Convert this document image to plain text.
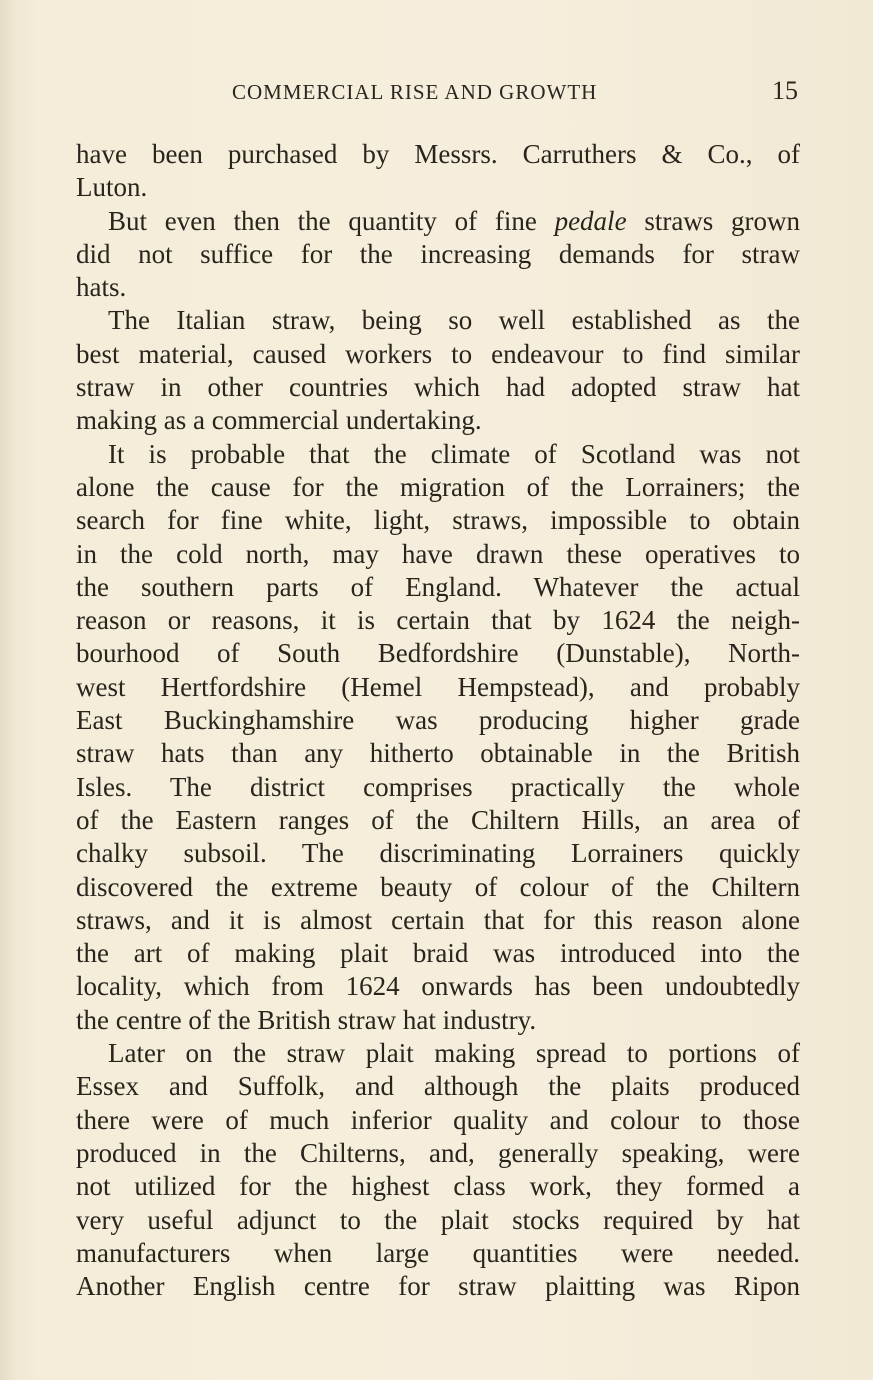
COMMERCIAL RISE AND GROWTH	15
have been purchased by Messrs. Carruthers & Co., of
Luton.
But even then the quantity of fine pedale straws grown
did not suffice for the increasing demands for straw
hats.
The Italian straw, being so well established as the
best material, caused workers to endeavour to find similar
straw in other countries which had adopted straw hat
making as a commercial undertaking.
It is probable that the climate of Scotland was not
alone the cause for the migration of the Lorrainers; the
search for fine white, light, straws, impossible to obtain
in the cold north, may have drawn these operatives to
the southern parts of England. Whatever the actual
reason or reasons, it is certain that by 1624 the neigh-
bourhood of South Bedfordshire (Dunstable), North-
west Hertfordshire (Hemel Hempstead), and probably
East Buckinghamshire was producing higher grade
straw hats than any hitherto obtainable in the British
Isles. The district comprises practically the whole
of the Eastern ranges of the Chiltern Hills, an area of
chalky subsoil. The discriminating Lorrainers quickly
discovered the extreme beauty of colour of the Chiltern
straws, and it is almost certain that for this reason alone
the art of making plait braid was introduced into the
locality, which from 1624 onwards has been undoubtedly
the centre of the British straw hat industry.
Later on the straw plait making spread to portions of
Essex and Suffolk, and although the plaits produced
there were of much inferior quality and colour to those
produced in the Chilterns, and, generally speaking, were
not utilized for the highest class work, they formed a
very useful adjunct to the plait stocks required by hat
manufacturers when large quantities were needed.
Another English centre for straw plaitting was Ripon
